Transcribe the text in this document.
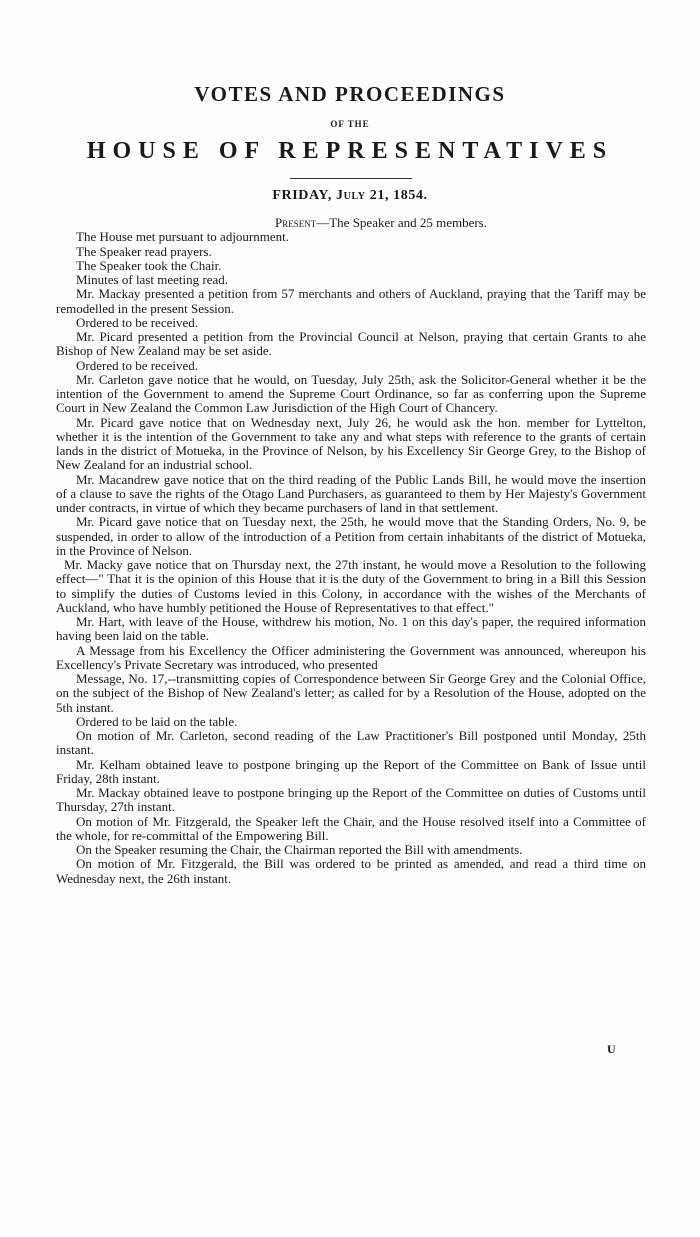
VOTES AND PROCEEDINGS
OF THE
HOUSE OF REPRESENTATIVES
FRIDAY, July 21, 1854.

Present—The Speaker and 25 members.

The House met pursuant to adjournment.

The Speaker read prayers.

The Speaker took the Chair.

Minutes of last meeting read.

Mr. Mackay presented a petition from 57 merchants and others of Auckland, praying that the Tariff may be remodelled in the present Session.

Ordered to be received.

Mr. Picard presented a petition from the Provincial Council at Nelson, praying that certain Grants to ahe Bishop of New Zealand may be set aside.

Ordered to be received.

Mr. Carleton gave notice that he would, on Tuesday, July 25th, ask the Solicitor-General whether it be the intention of the Government to amend the Supreme Court Ordinance, so far as conferring upon the Supreme Court in New Zealand the Common Law Jurisdiction of the High Court of Chancery.

Mr. Picard gave notice that on Wednesday next, July 26, he would ask the hon. member for Lyttelton, whether it is the intention of the Government to take any and what steps with reference to the grants of certain lands in the district of Motueka, in the Province of Nelson, by his Excellency Sir George Grey, to the Bishop of New Zealand for an industrial school.

Mr. Macandrew gave notice that on the third reading of the Public Lands Bill, he would move the insertion of a clause to save the rights of the Otago Land Purchasers, as guaranteed to them by Her Majesty's Government under contracts, in virtue of which they became purchasers of land in that settlement.

Mr. Picard gave notice that on Tuesday next, the 25th, he would move that the Standing Orders, No. 9, be suspended, in order to allow of the introduction of a Petition from certain inhabitants of the district of Motueka, in the Province of Nelson.

Mr. Macky gave notice that on Thursday next, the 27th instant, he would move a Resolution to the following effect—" That it is the opinion of this House that it is the duty of the Government to bring in a Bill this Session to simplify the duties of Customs levied in this Colony, in accordance with the wishes of the Merchants of Auckland, who have humbly petitioned the House of Representatives to that effect."

Mr. Hart, with leave of the House, withdrew his motion, No. 1 on this day's paper, the required information having been laid on the table.

A Message from his Excellency the Officer administering the Government was announced, whereupon his Excellency's Private Secretary was introduced, who presented

Message, No. 17,--transmitting copies of Correspondence between Sir George Grey and the Colonial Office, on the subject of the Bishop of New Zealand's letter; as called for by a Resolution of the House, adopted on the 5th instant.

Ordered to be laid on the table.

On motion of Mr. Carleton, second reading of the Law Practitioner's Bill postponed until Monday, 25th instant.

Mr. Kelham obtained leave to postpone bringing up the Report of the Committee on Bank of Issue until Friday, 28th instant.

Mr. Mackay obtained leave to postpone bringing up the Report of the Committee on duties of Customs until Thursday, 27th instant.

On motion of Mr. Fitzgerald, the Speaker left the Chair, and the House resolved itself into a Committee of the whole, for re-committal of the Empowering Bill.

On the Speaker resuming the Chair, the Chairman reported the Bill with amendments.

On motion of Mr. Fitzgerald, the Bill was ordered to be printed as amended, and read a third time on Wednesday next, the 26th instant.

U
